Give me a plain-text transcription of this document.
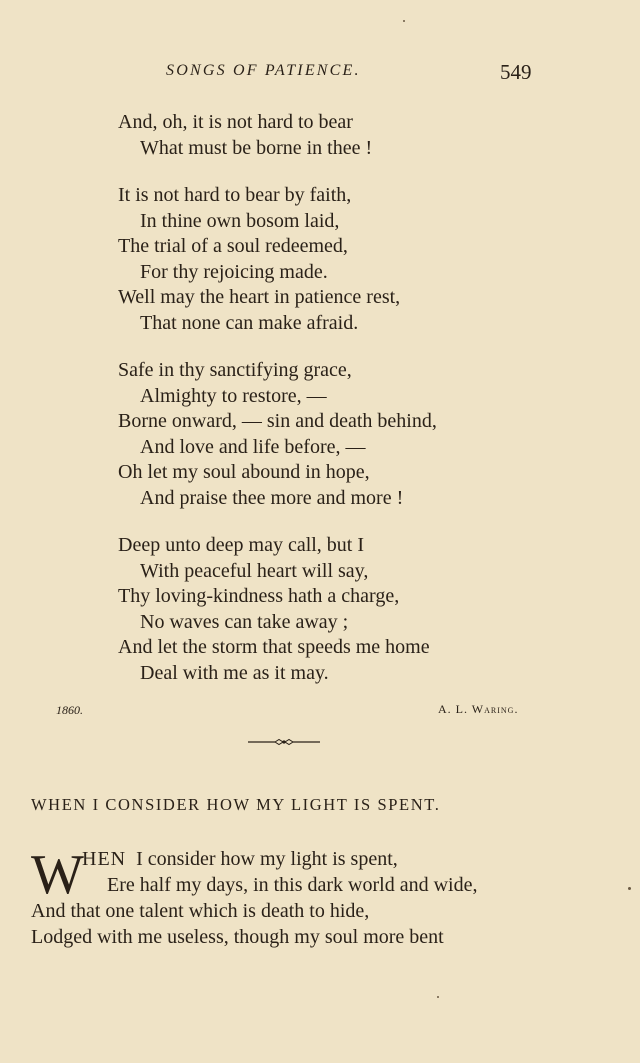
SONGS OF PATIENCE.	549
And, oh, it is not hard to bear
What must be borne in thee !
It is not hard to bear by faith,
In thine own bosom laid,
The trial of a soul redeemed,
For thy rejoicing made.
Well may the heart in patience rest,
That none can make afraid.
Safe in thy sanctifying grace,
Almighty to restore, —
Borne onward, — sin and death behind,
And love and life before, —
Oh let my soul abound in hope,
And praise thee more and more !
Deep unto deep may call, but I
With peaceful heart will say,
Thy loving-kindness hath a charge,
No waves can take away ;
And let the storm that speeds me home
Deal with me as it may.
1860.	A. L. Waring.
WHEN I CONSIDER HOW MY LIGHT IS SPENT.
W
HEN I consider how my light is spent,
Ere half my days, in this dark world and wide,
And that one talent which is death to hide,
Lodged with me useless, though my soul more bent
